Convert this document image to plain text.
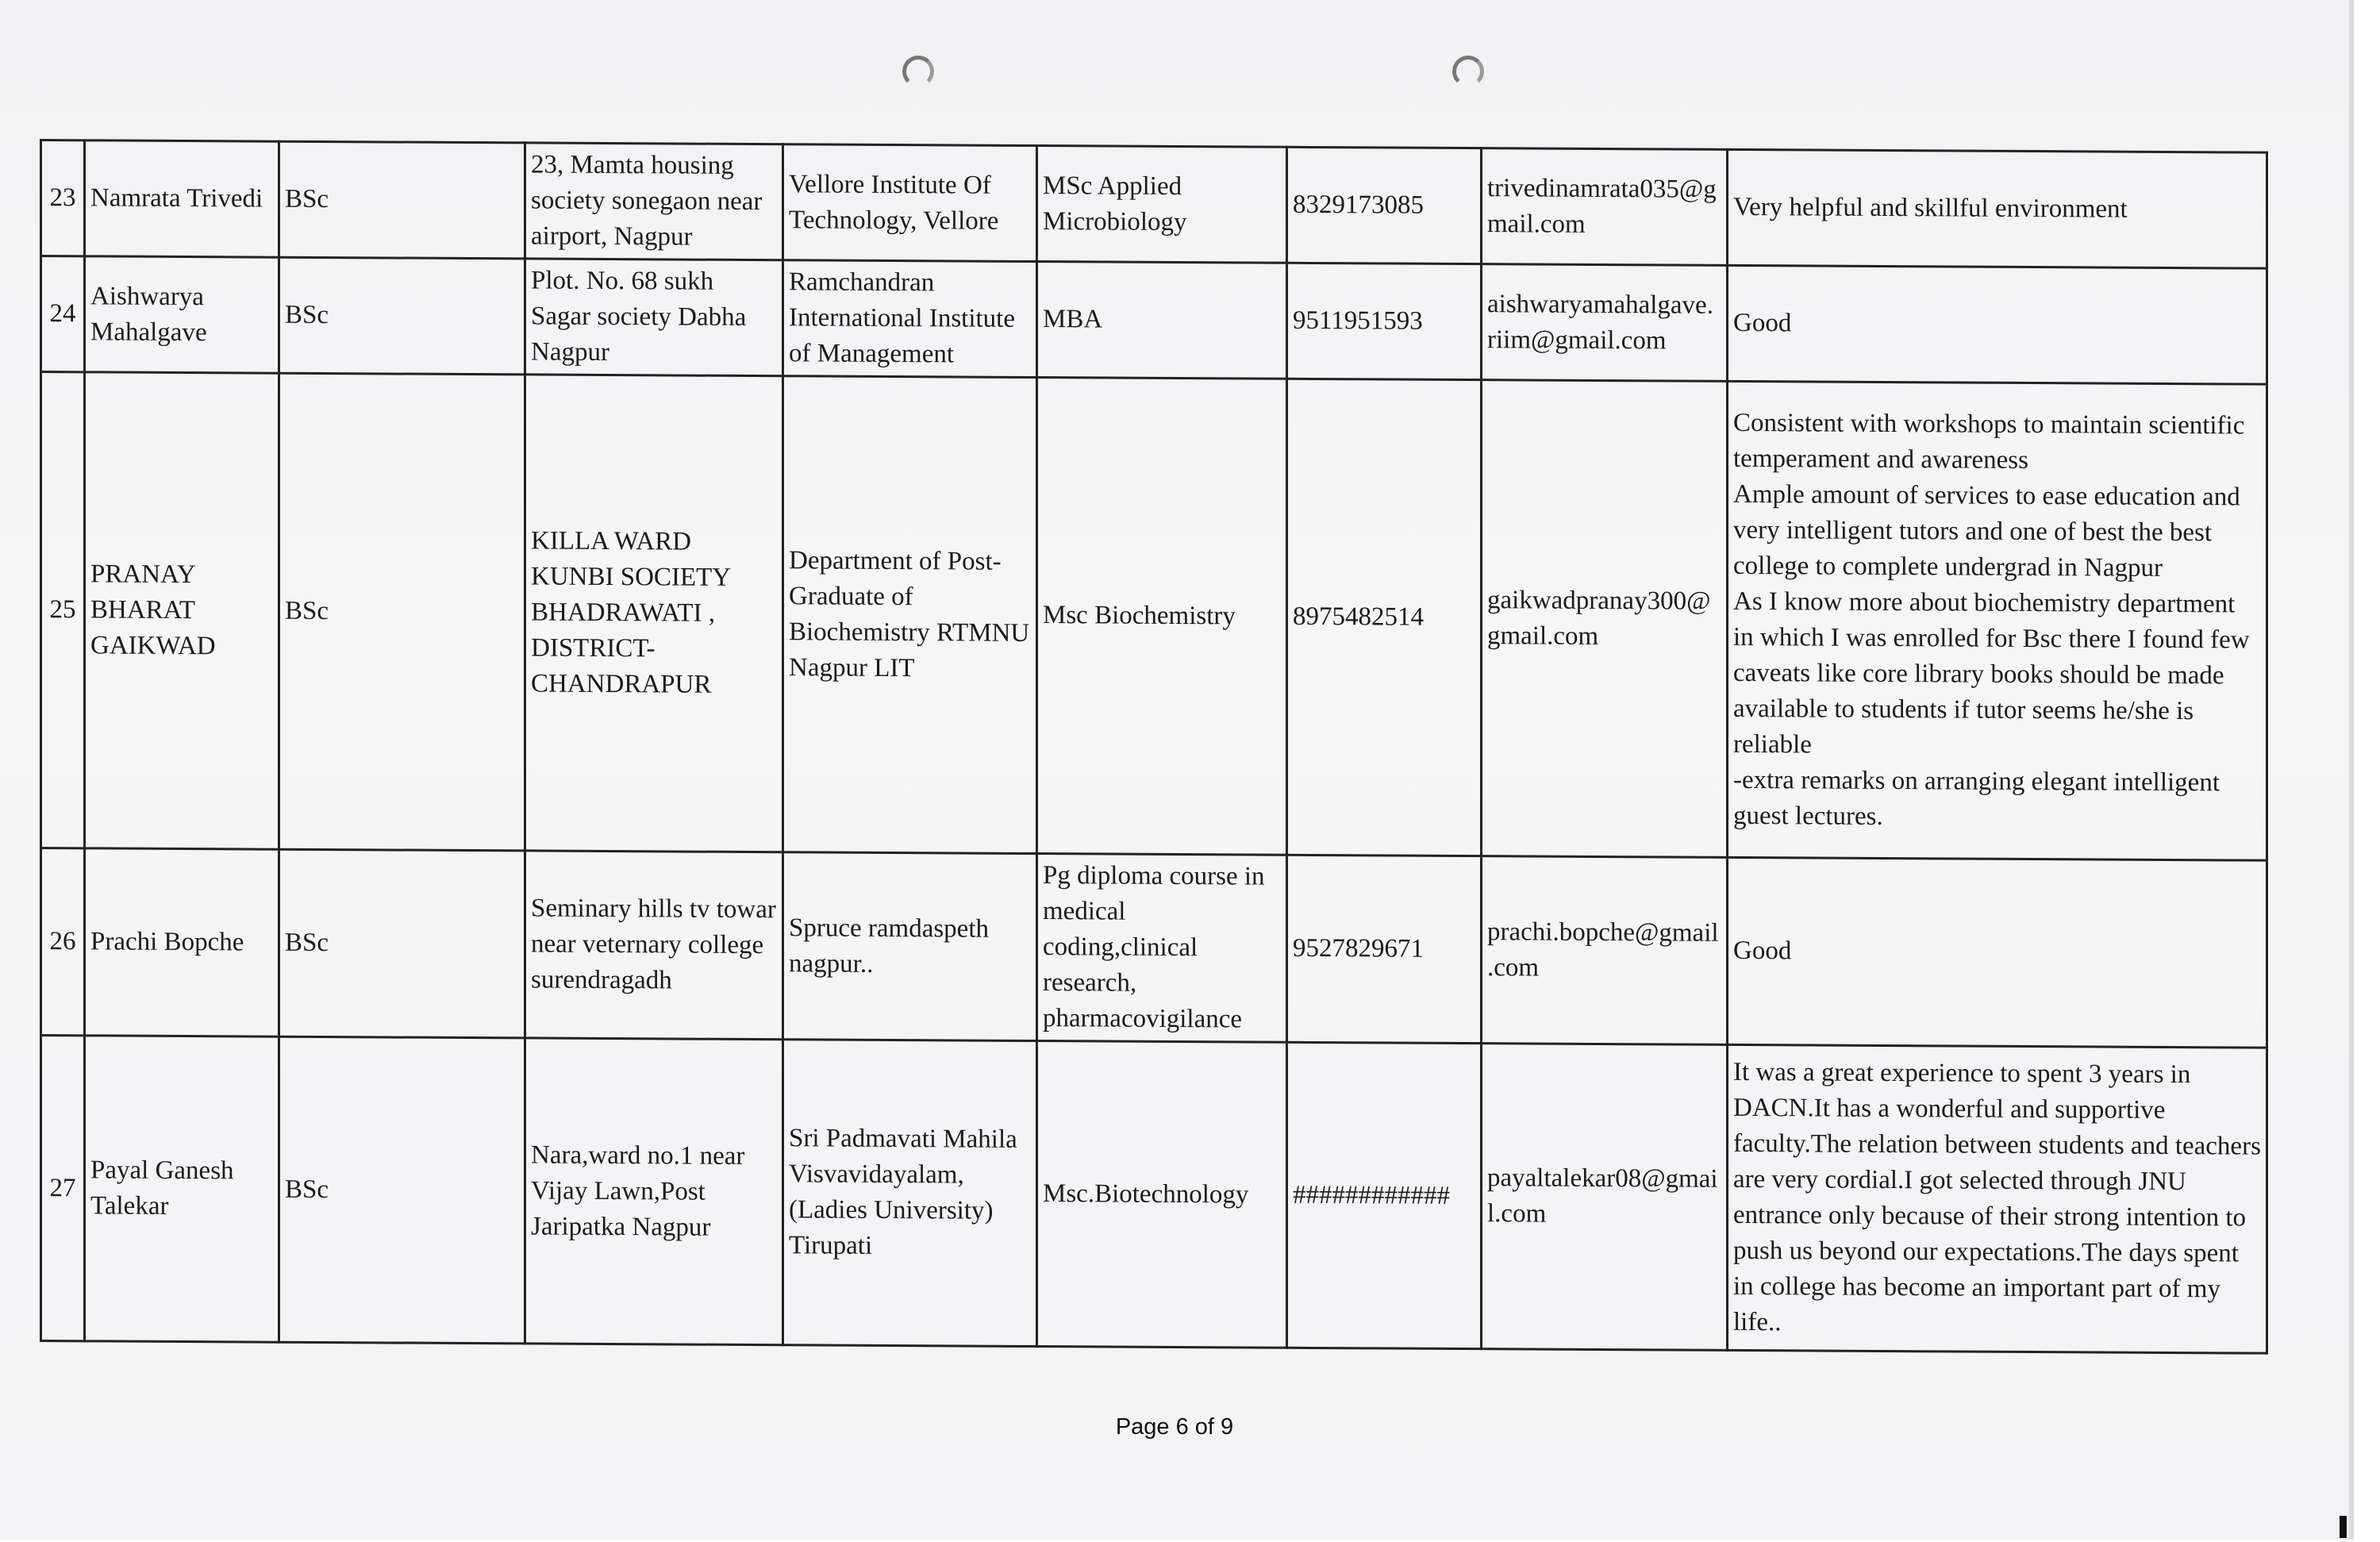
23	Namrata Trivedi	BSc	23, Mamta housing society sonegaon near airport, Nagpur	Vellore Institute Of Technology, Vellore	MSc Applied Microbiology	8329173085	trivedinamrata035@gmail.com	Very helpful and skillful environment

24	Aishwarya Mahalgave	BSc	Plot. No. 68 sukh Sagar society Dabha Nagpur	Ramchandran International Institute of Management	MBA	9511951593	aishwaryamahalgave.riim@gmail.com	Good

25	PRANAY BHARAT GAIKWAD	BSc	KILLA WARD KUNBI SOCIETY BHADRAWATI , DISTRICT-CHANDRAPUR	Department of Post-Graduate of Biochemistry RTMNU Nagpur LIT	Msc Biochemistry	8975482514	gaikwadpranay300@gmail.com	Consistent with workshops to maintain scientific temperament and awareness
Ample amount of services to ease education and very intelligent tutors and one of best the best college to complete undergrad in Nagpur
As I know more about biochemistry department in which I was enrolled for Bsc there I found few caveats like core library books should be made available to students if tutor seems he/she is reliable
-extra remarks on arranging elegant intelligent guest lectures.

26	Prachi Bopche	BSc	Seminary hills tv towar near veternary college surendragadh	Spruce ramdaspeth nagpur..	Pg diploma course in medical coding,clinical research, pharmacovigilance	9527829671	prachi.bopche@gmail.com	Good

27	Payal Ganesh Talekar	BSc	Nara,ward no.1 near Vijay Lawn,Post Jaripatka Nagpur	Sri Padmavati Mahila Visvavidayalam,(Ladies University) Tirupati	Msc.Biotechnology	############	payaltalekar08@gmail.com	It was a great experience to spent 3 years in DACN.It has a wonderful and supportive faculty.The relation between students and teachers are very cordial.I got selected through JNU entrance only because of their strong intention to push us beyond our expectations.The days spent in college has become an important part of my life..
Page 6 of 9
